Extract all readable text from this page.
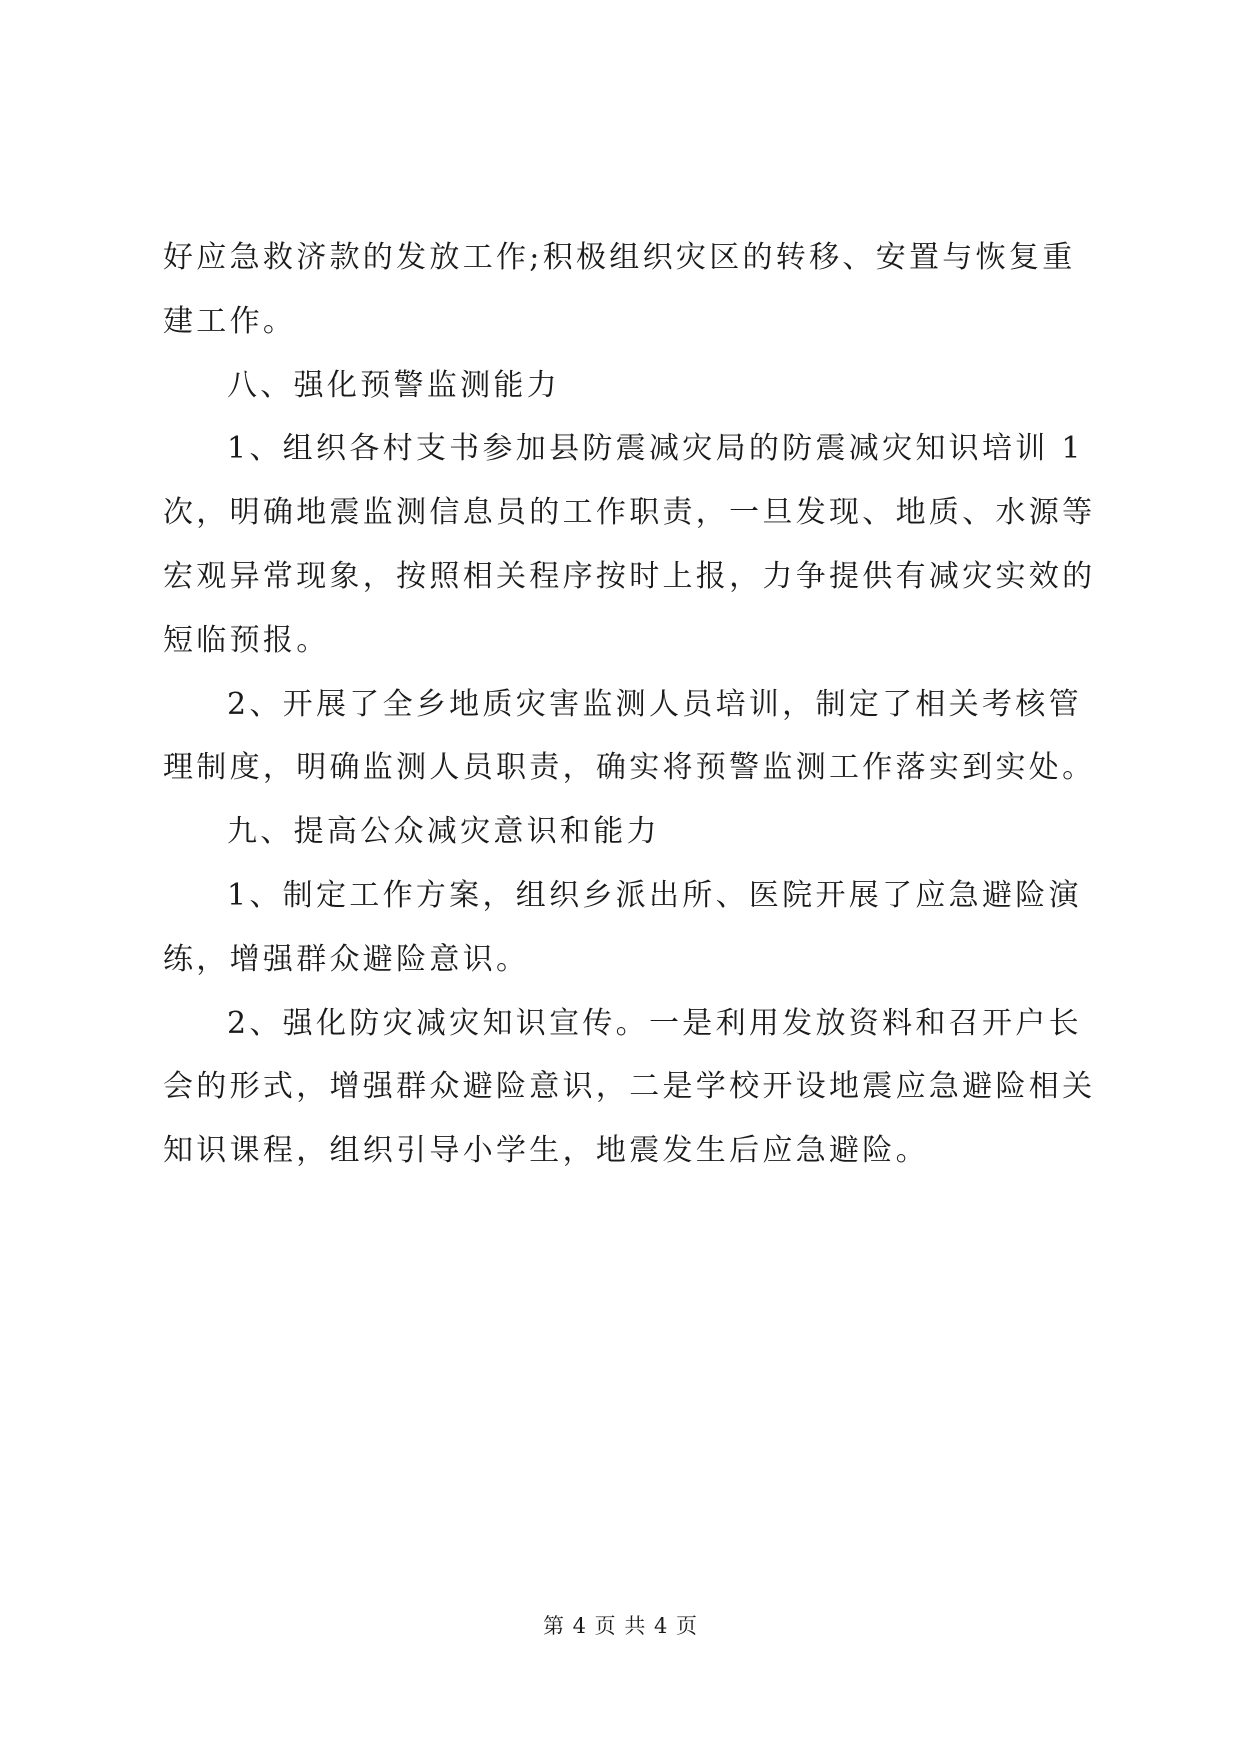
好应急救济款的发放工作;积极组织灾区的转移、安置与恢复重
建工作。
八、强化预警监测能力
1、组织各村支书参加县防震减灾局的防震减灾知识培训 1
次，明确地震监测信息员的工作职责，一旦发现、地质、水源等
宏观异常现象，按照相关程序按时上报，力争提供有减灾实效的
短临预报。
2、开展了全乡地质灾害监测人员培训，制定了相关考核管
理制度，明确监测人员职责，确实将预警监测工作落实到实处。
九、提高公众减灾意识和能力
1、制定工作方案，组织乡派出所、医院开展了应急避险演
练，增强群众避险意识。
2、强化防灾减灾知识宣传。一是利用发放资料和召开户长
会的形式，增强群众避险意识，二是学校开设地震应急避险相关
知识课程，组织引导小学生，地震发生后应急避险。
第 4 页 共 4 页
